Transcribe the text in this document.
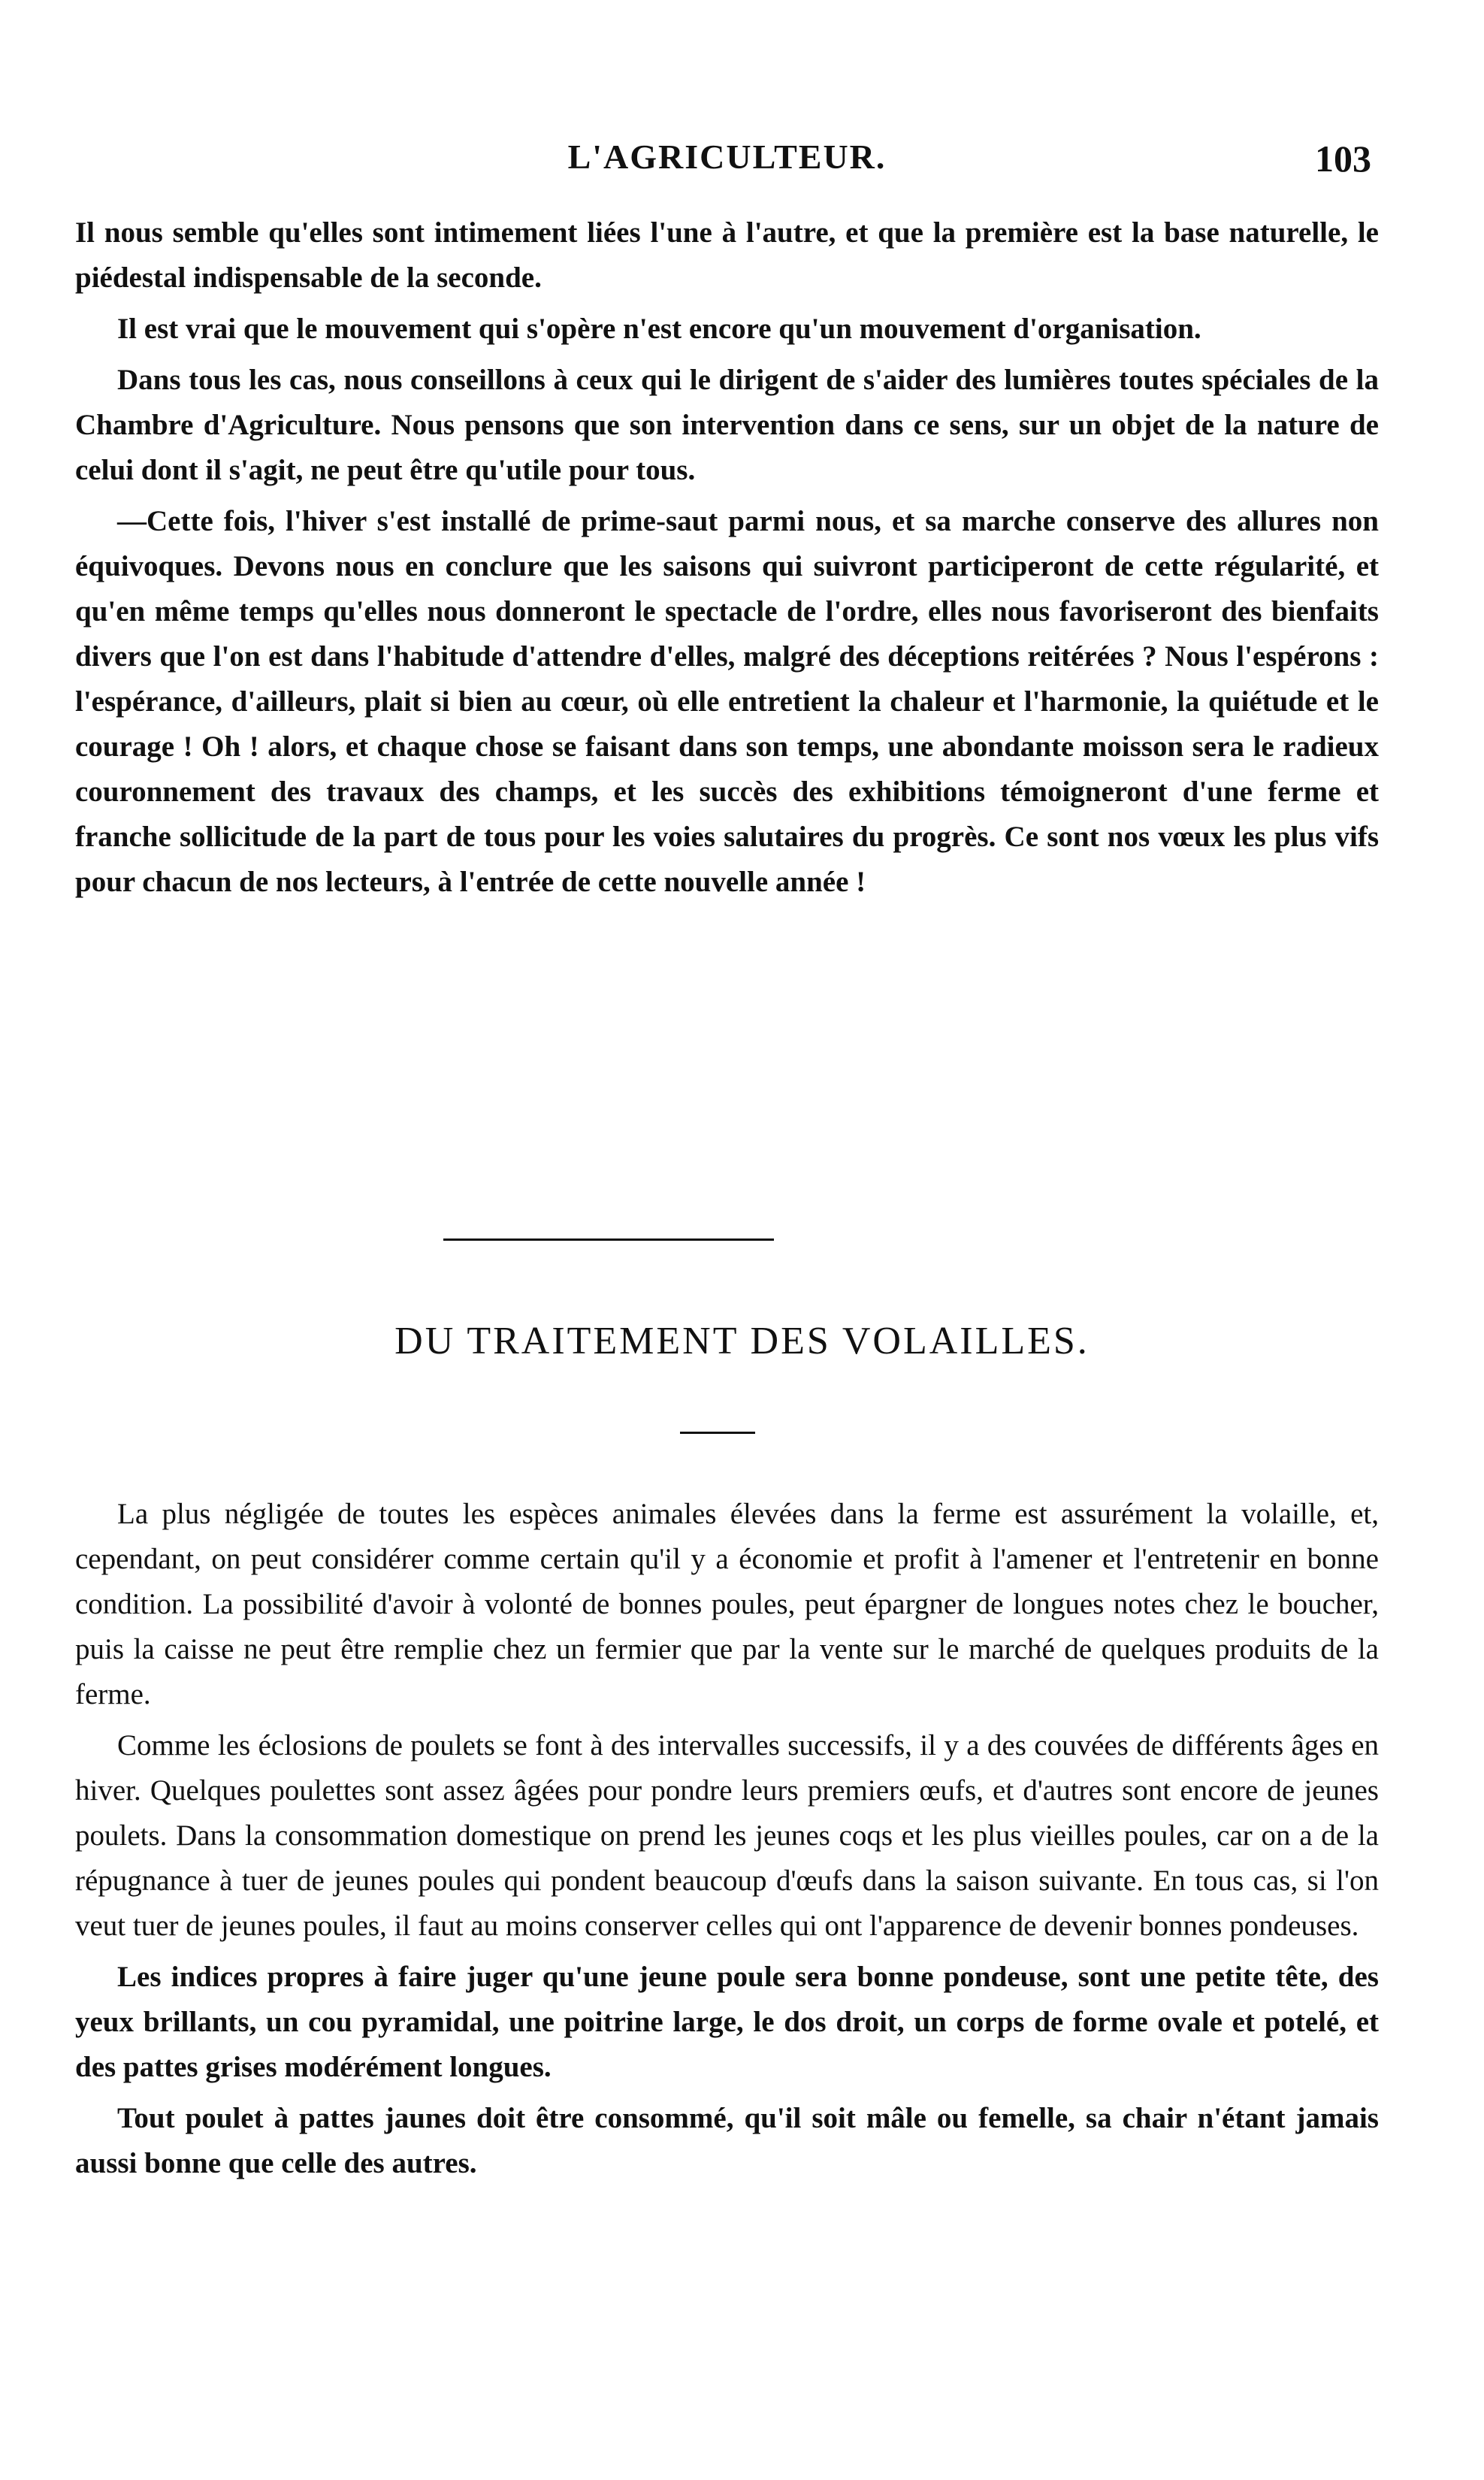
L'AGRICULTEUR.	103

Il nous semble qu'elles sont intimement liées l'une à l'autre, et que la première est la base naturelle, le piédestal indispensable de la seconde.

Il est vrai que le mouvement qui s'opère n'est encore qu'un mouvement d'organisation.

Dans tous les cas, nous conseillons à ceux qui le dirigent de s'aider des lumières toutes spéciales de la Chambre d'Agriculture. Nous pensons que son intervention dans ce sens, sur un objet de la nature de celui dont il s'agit, ne peut être qu'utile pour tous.

—Cette fois, l'hiver s'est installé de prime-saut parmi nous, et sa marche conserve des allures non équivoques. Devons nous en conclure que les saisons qui suivront participeront de cette régularité, et qu'en même temps qu'elles nous donneront le spectacle de l'ordre, elles nous favoriseront des bienfaits divers que l'on est dans l'habitude d'attendre d'elles, malgré des déceptions reitérées ? Nous l'espérons : l'espérance, d'ailleurs, plait si bien au cœur, où elle entretient la chaleur et l'harmonie, la quiétude et le courage ! Oh ! alors, et chaque chose se faisant dans son temps, une abondante moisson sera le radieux couronnement des travaux des champs, et les succès des exhibitions témoigneront d'une ferme et franche sollicitude de la part de tous pour les voies salutaires du progrès. Ce sont nos vœux les plus vifs pour chacun de nos lecteurs, à l'entrée de cette nouvelle année !

DU TRAITEMENT DES VOLAILLES.

La plus négligée de toutes les espèces animales élevées dans la ferme est assurément la volaille, et, cependant, on peut considérer comme certain qu'il y a économie et profit à l'amener et l'entretenir en bonne condition. La possibilité d'avoir à volonté de bonnes poules, peut épargner de longues notes chez le boucher, puis la caisse ne peut être remplie chez un fermier que par la vente sur le marché de quelques produits de la ferme.

Comme les éclosions de poulets se font à des intervalles successifs, il y a des couvées de différents âges en hiver. Quelques poulettes sont assez âgées pour pondre leurs premiers œufs, et d'autres sont encore de jeunes poulets. Dans la consommation domestique on prend les jeunes coqs et les plus vieilles poules, car on a de la répugnance à tuer de jeunes poules qui pondent beaucoup d'œufs dans la saison suivante. En tous cas, si l'on veut tuer de jeunes poules, il faut au moins conserver celles qui ont l'apparence de devenir bonnes pondeuses.

Les indices propres à faire juger qu'une jeune poule sera bonne pondeuse, sont une petite tête, des yeux brillants, un cou pyramidal, une poitrine large, le dos droit, un corps de forme ovale et potelé, et des pattes grises modérément longues.

Tout poulet à pattes jaunes doit être consommé, qu'il soit mâle ou femelle, sa chair n'étant jamais aussi bonne que celle des autres.
